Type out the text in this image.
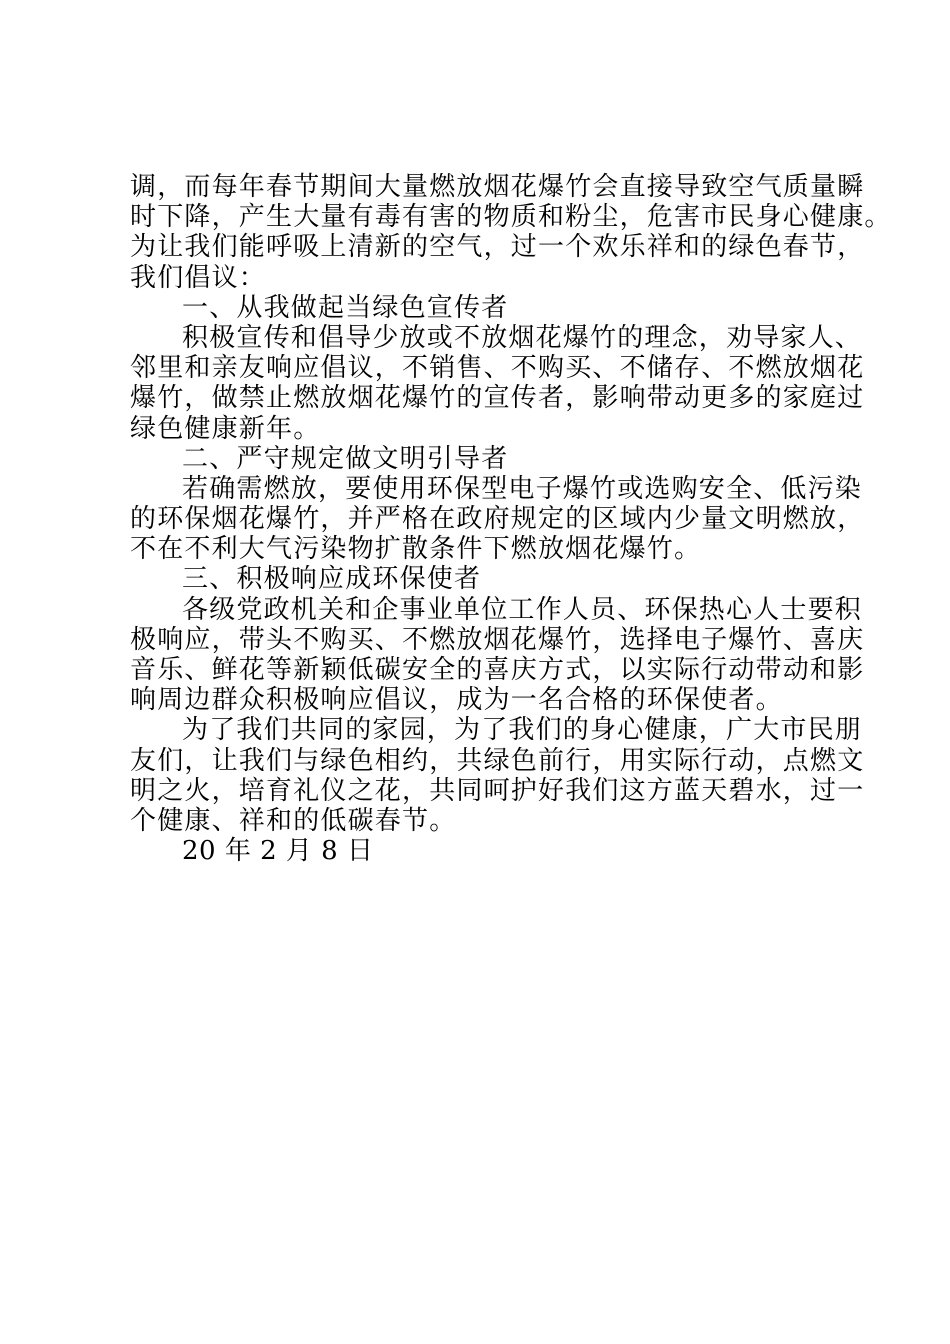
调，而每年春节期间大量燃放烟花爆竹会直接导致空气质量瞬
时下降，产生大量有毒有害的物质和粉尘，危害市民身心健康。
为让我们能呼吸上清新的空气，过一个欢乐祥和的绿色春节，
我们倡议：
一、从我做起当绿色宣传者
积极宣传和倡导少放或不放烟花爆竹的理念，劝导家人、
邻里和亲友响应倡议，不销售、不购买、不储存、不燃放烟花
爆竹，做禁止燃放烟花爆竹的宣传者，影响带动更多的家庭过
绿色健康新年。
二、严守规定做文明引导者
若确需燃放，要使用环保型电子爆竹或选购安全、低污染
的环保烟花爆竹，并严格在政府规定的区域内少量文明燃放，
不在不利大气污染物扩散条件下燃放烟花爆竹。
三、积极响应成环保使者
各级党政机关和企事业单位工作人员、环保热心人士要积
极响应，带头不购买、不燃放烟花爆竹，选择电子爆竹、喜庆
音乐、鲜花等新颖低碳安全的喜庆方式，以实际行动带动和影
响周边群众积极响应倡议，成为一名合格的环保使者。
为了我们共同的家园，为了我们的身心健康，广大市民朋
友们，让我们与绿色相约，共绿色前行，用实际行动，点燃文
明之火，培育礼仪之花，共同呵护好我们这方蓝天碧水，过一
个健康、祥和的低碳春节。
20 年 2 月 8 日
